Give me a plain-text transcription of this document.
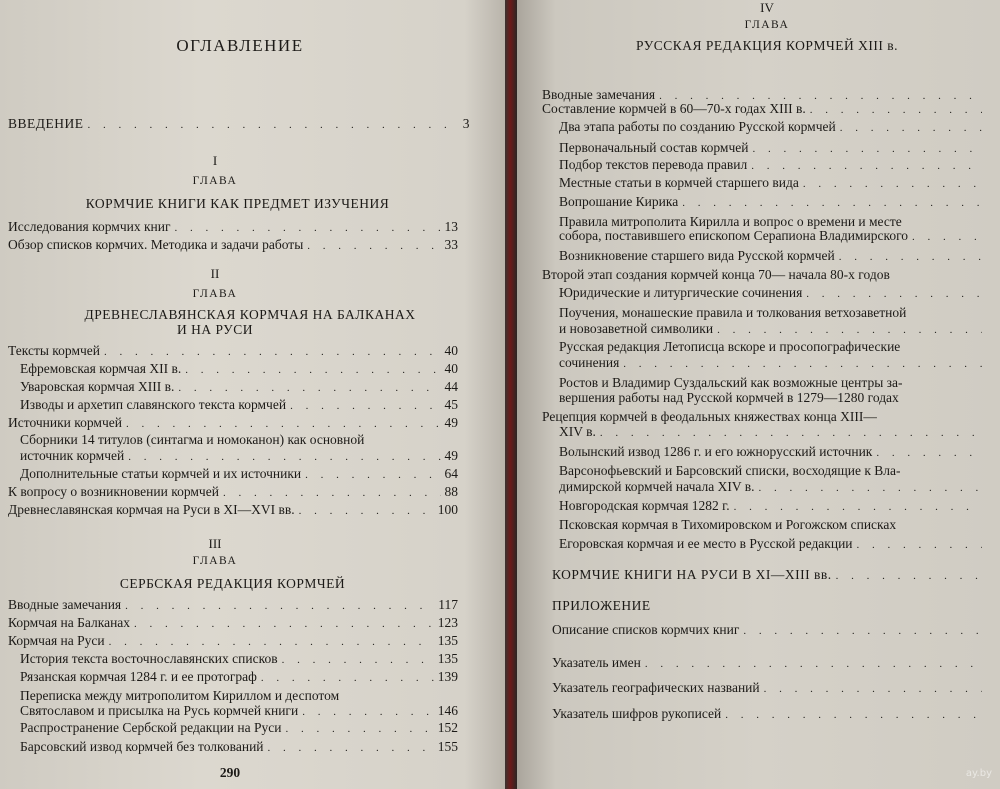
ОГЛАВЛЕНИЕ
ВВЕДЕНИЕ . . .	3
I
ГЛАВА
КОРМЧИЕ КНИГИ КАК ПРЕДМЕТ ИЗУЧЕНИЯ
Исследования кормчих книг . . .	13
Обзор списков кормчих. Методика и задачи работы . . .	33
II
ГЛАВА
ДРЕВНЕСЛАВЯНСКАЯ КОРМЧАЯ НА БАЛКАНАХ
И НА РУСИ
Тексты кормчей . . .	40
Ефремовская кормчая XII в. . . .	40
Уваровская кормчая XIII в. . . .	44
Изводы и архетип славянского текста кормчей . . .	45
Источники кормчей . . .	49
Сборники 14 титулов (синтагма и номоканон) как основной
источник кормчей . . .	49
Дополнительные статьи кормчей и их источники . . .	64
К вопросу о возникновении кормчей . . .	88
Древнеславянская кормчая на Руси в XI—XVI вв. . . .	100
III
ГЛАВА
СЕРБСКАЯ РЕДАКЦИЯ КОРМЧЕЙ
Вводные замечания . . .	117
Кормчая на Балканах . . .	123
Кормчая на Руси . . .	135
История текста восточнославянских списков . . .	135
Рязанская кормчая 1284 г. и ее протограф . . .	139
Переписка между митрополитом Кириллом и деспотом
Святославом и присылка на Русь кормчей книги . . .	146
Распространение Сербской редакции на Руси . . .	152
Барсовский извод кормчей без толкований . . .	155
290
IV
ГЛАВА
РУССКАЯ РЕДАКЦИЯ КОРМЧЕЙ XIII в.
Вводные замечания
. . .
Составление кормчей в 60—70-х годах XIII в.
. . .
Два этапа работы по созданию Русской кормчей
. . .
Первоначальный состав кормчей
. . .
Подбор текстов перевода правил
. . .
Местные статьи в кормчей старшего вида
. . .
Вопрошание Кирика
. . .
Правила митрополита Кирилла и вопрос о времени и месте
собора, поставившего епископом Серапиона Владимирского
. . .
Возникновение старшего вида Русской кормчей
. . .
Второй этап создания кормчей конца 70— начала 80-х годов
Юридические и литургические сочинения
. . .
Поучения, монашеские правила и толкования ветхозаветной
и новозаветной символики
. . .
Русская редакция Летописца вскоре и просопографические
сочинения
. . .
Ростов и Владимир Суздальский как возможные центры за-
вершения работы над Русской кормчей в 1279—1280 годах
Рецепция кормчей в феодальных княжествах конца XIII—
XIV в.
. . .
Волынский извод 1286 г. и его южнорусский источник
. . .
Варсонофьевский и Барсовский списки, восходящие к Вла-
димирской кормчей начала XIV в.
. . .
Новгородская кормчая 1282 г.
. . .
Псковская кормчая в Тихомировском и Рогожском списках
Егоровская кормчая и ее место в Русской редакции
. . .
КОРМЧИЕ КНИГИ НА РУСИ В XI—XIII вв.
. . .
ПРИЛОЖЕНИЕ
Описание списков кормчих книг
. . .
Указатель имен
. . .
Указатель географических названий
. . .
Указатель шифров рукописей
. . .
ay.by
